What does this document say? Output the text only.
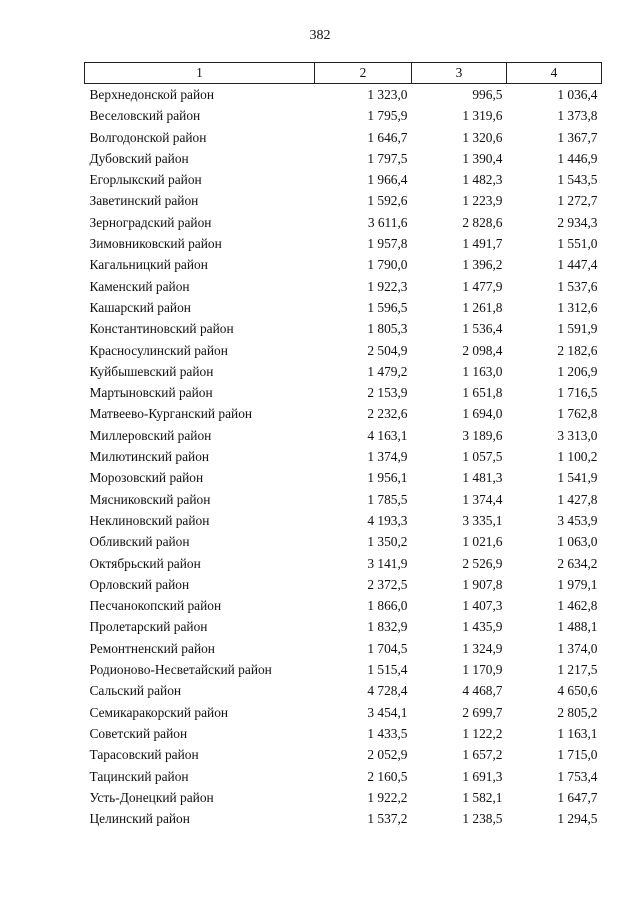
382
1	2	3	4
Верхнедонской район	1 323,0	996,5	1 036,4
Веселовский район	1 795,9	1 319,6	1 373,8
Волгодонской район	1 646,7	1 320,6	1 367,7
Дубовский район	1 797,5	1 390,4	1 446,9
Егорлыкский район	1 966,4	1 482,3	1 543,5
Заветинский район	1 592,6	1 223,9	1 272,7
Зерноградский район	3 611,6	2 828,6	2 934,3
Зимовниковский район	1 957,8	1 491,7	1 551,0
Кагальницкий район	1 790,0	1 396,2	1 447,4
Каменский район	1 922,3	1 477,9	1 537,6
Кашарский район	1 596,5	1 261,8	1 312,6
Константиновский район	1 805,3	1 536,4	1 591,9
Красносулинский район	2 504,9	2 098,4	2 182,6
Куйбышевский район	1 479,2	1 163,0	1 206,9
Мартыновский район	2 153,9	1 651,8	1 716,5
Матвеево-Курганский район	2 232,6	1 694,0	1 762,8
Миллеровский район	4 163,1	3 189,6	3 313,0
Милютинский район	1 374,9	1 057,5	1 100,2
Морозовский район	1 956,1	1 481,3	1 541,9
Мясниковский район	1 785,5	1 374,4	1 427,8
Неклиновский район	4 193,3	3 335,1	3 453,9
Обливский район	1 350,2	1 021,6	1 063,0
Октябрьский район	3 141,9	2 526,9	2 634,2
Орловский район	2 372,5	1 907,8	1 979,1
Песчанокопский район	1 866,0	1 407,3	1 462,8
Пролетарский район	1 832,9	1 435,9	1 488,1
Ремонтненский район	1 704,5	1 324,9	1 374,0
Родионово-Несветайский район	1 515,4	1 170,9	1 217,5
Сальский район	4 728,4	4 468,7	4 650,6
Семикаракорский район	3 454,1	2 699,7	2 805,2
Советский район	1 433,5	1 122,2	1 163,1
Тарасовский район	2 052,9	1 657,2	1 715,0
Тацинский район	2 160,5	1 691,3	1 753,4
Усть-Донецкий район	1 922,2	1 582,1	1 647,7
Целинский район	1 537,2	1 238,5	1 294,5
